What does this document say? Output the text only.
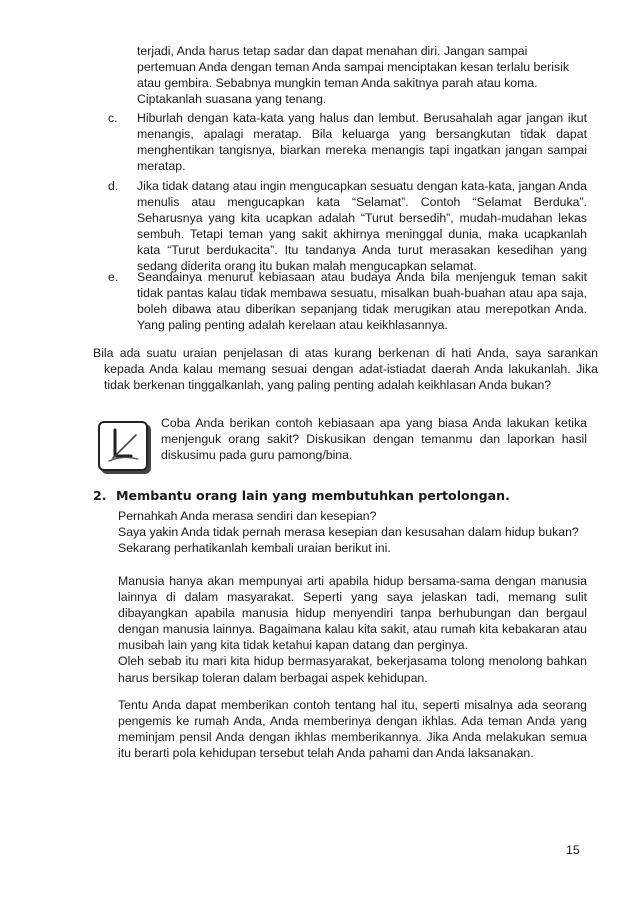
terjadi, Anda harus tetap sadar dan dapat menahan diri. Jangan sampai

pertemuan Anda dengan teman Anda sampai menciptakan kesan terlalu berisik

atau gembira. Sebabnya mungkin teman Anda sakitnya parah atau koma.

Ciptakanlah suasana yang tenang.

c.	Hiburlah dengan kata-kata yang halus dan lembut. Berusahalah agar jangan ikut menangis, apalagi meratap. Bila keluarga yang bersangkutan tidak dapat menghentikan tangisnya, biarkan mereka menangis tapi ingatkan jangan sampai meratap.
d.	Jika tidak datang atau ingin mengucapkan sesuatu dengan kata-kata, jangan Anda menulis atau mengucapkan kata “Selamat”. Contoh “Selamat Berduka”. Seharusnya yang kita ucapkan adalah “Turut bersedih”, mudah-mudahan lekas sembuh. Tetapi teman yang sakit akhirnya meninggal dunia, maka ucapkanlah kata “Turut berdukacita”. Itu tandanya Anda turut merasakan kesedihan yang sedang diderita orang itu bukan malah mengucapkan selamat.
e.	Seandainya menurut kebiasaan atau budaya Anda bila menjenguk teman sakit tidak pantas kalau tidak membawa sesuatu, misalkan buah-buahan atau apa saja, boleh dibawa atau diberikan sepanjang tidak merugikan atau merepotkan Anda. Yang paling penting adalah kerelaan atau keikhlasannya.
Bila ada suatu uraian penjelasan di atas kurang berkenan di hati Anda, saya sarankan kepada Anda kalau memang sesuai dengan adat-istiadat daerah Anda lakukanlah. Jika tidak berkenan tinggalkanlah, yang paling penting adalah keikhlasan Anda bukan?
Coba Anda berikan contoh kebiasaan apa yang biasa Anda lakukan ketika menjenguk orang sakit? Diskusikan dengan temanmu dan laporkan hasil diskusimu pada guru pamong/bina.
2. Membantu orang lain yang membutuhkan pertolongan.

Pernahkah Anda merasa sendiri dan kesepian?

Saya yakin Anda tidak pernah merasa kesepian dan kesusahan dalam hidup bukan?

Sekarang perhatikanlah kembali uraian berikut ini.

Manusia hanya akan mempunyai arti apabila hidup bersama-sama dengan manusia lainnya di dalam masyarakat. Seperti yang saya jelaskan tadi, memang sulit dibayangkan apabila manusia hidup menyendiri tanpa berhubungan dan bergaul dengan manusia lainnya. Bagaimana kalau kita sakit, atau rumah kita kebakaran atau musibah lain yang kita tidak ketahui kapan datang dan perginya.

Oleh sebab itu mari kita hidup bermasyarakat, bekerjasama tolong menolong bahkan harus bersikap toleran dalam berbagai aspek kehidupan.

Tentu Anda dapat memberikan contoh tentang hal itu, seperti misalnya ada seorang pengemis ke rumah Anda, Anda memberinya dengan ikhlas. Ada teman Anda yang meminjam pensil Anda dengan ikhlas memberikannya. Jika Anda melakukan semua itu berarti pola kehidupan tersebut telah Anda pahami dan Anda laksanakan.

15
